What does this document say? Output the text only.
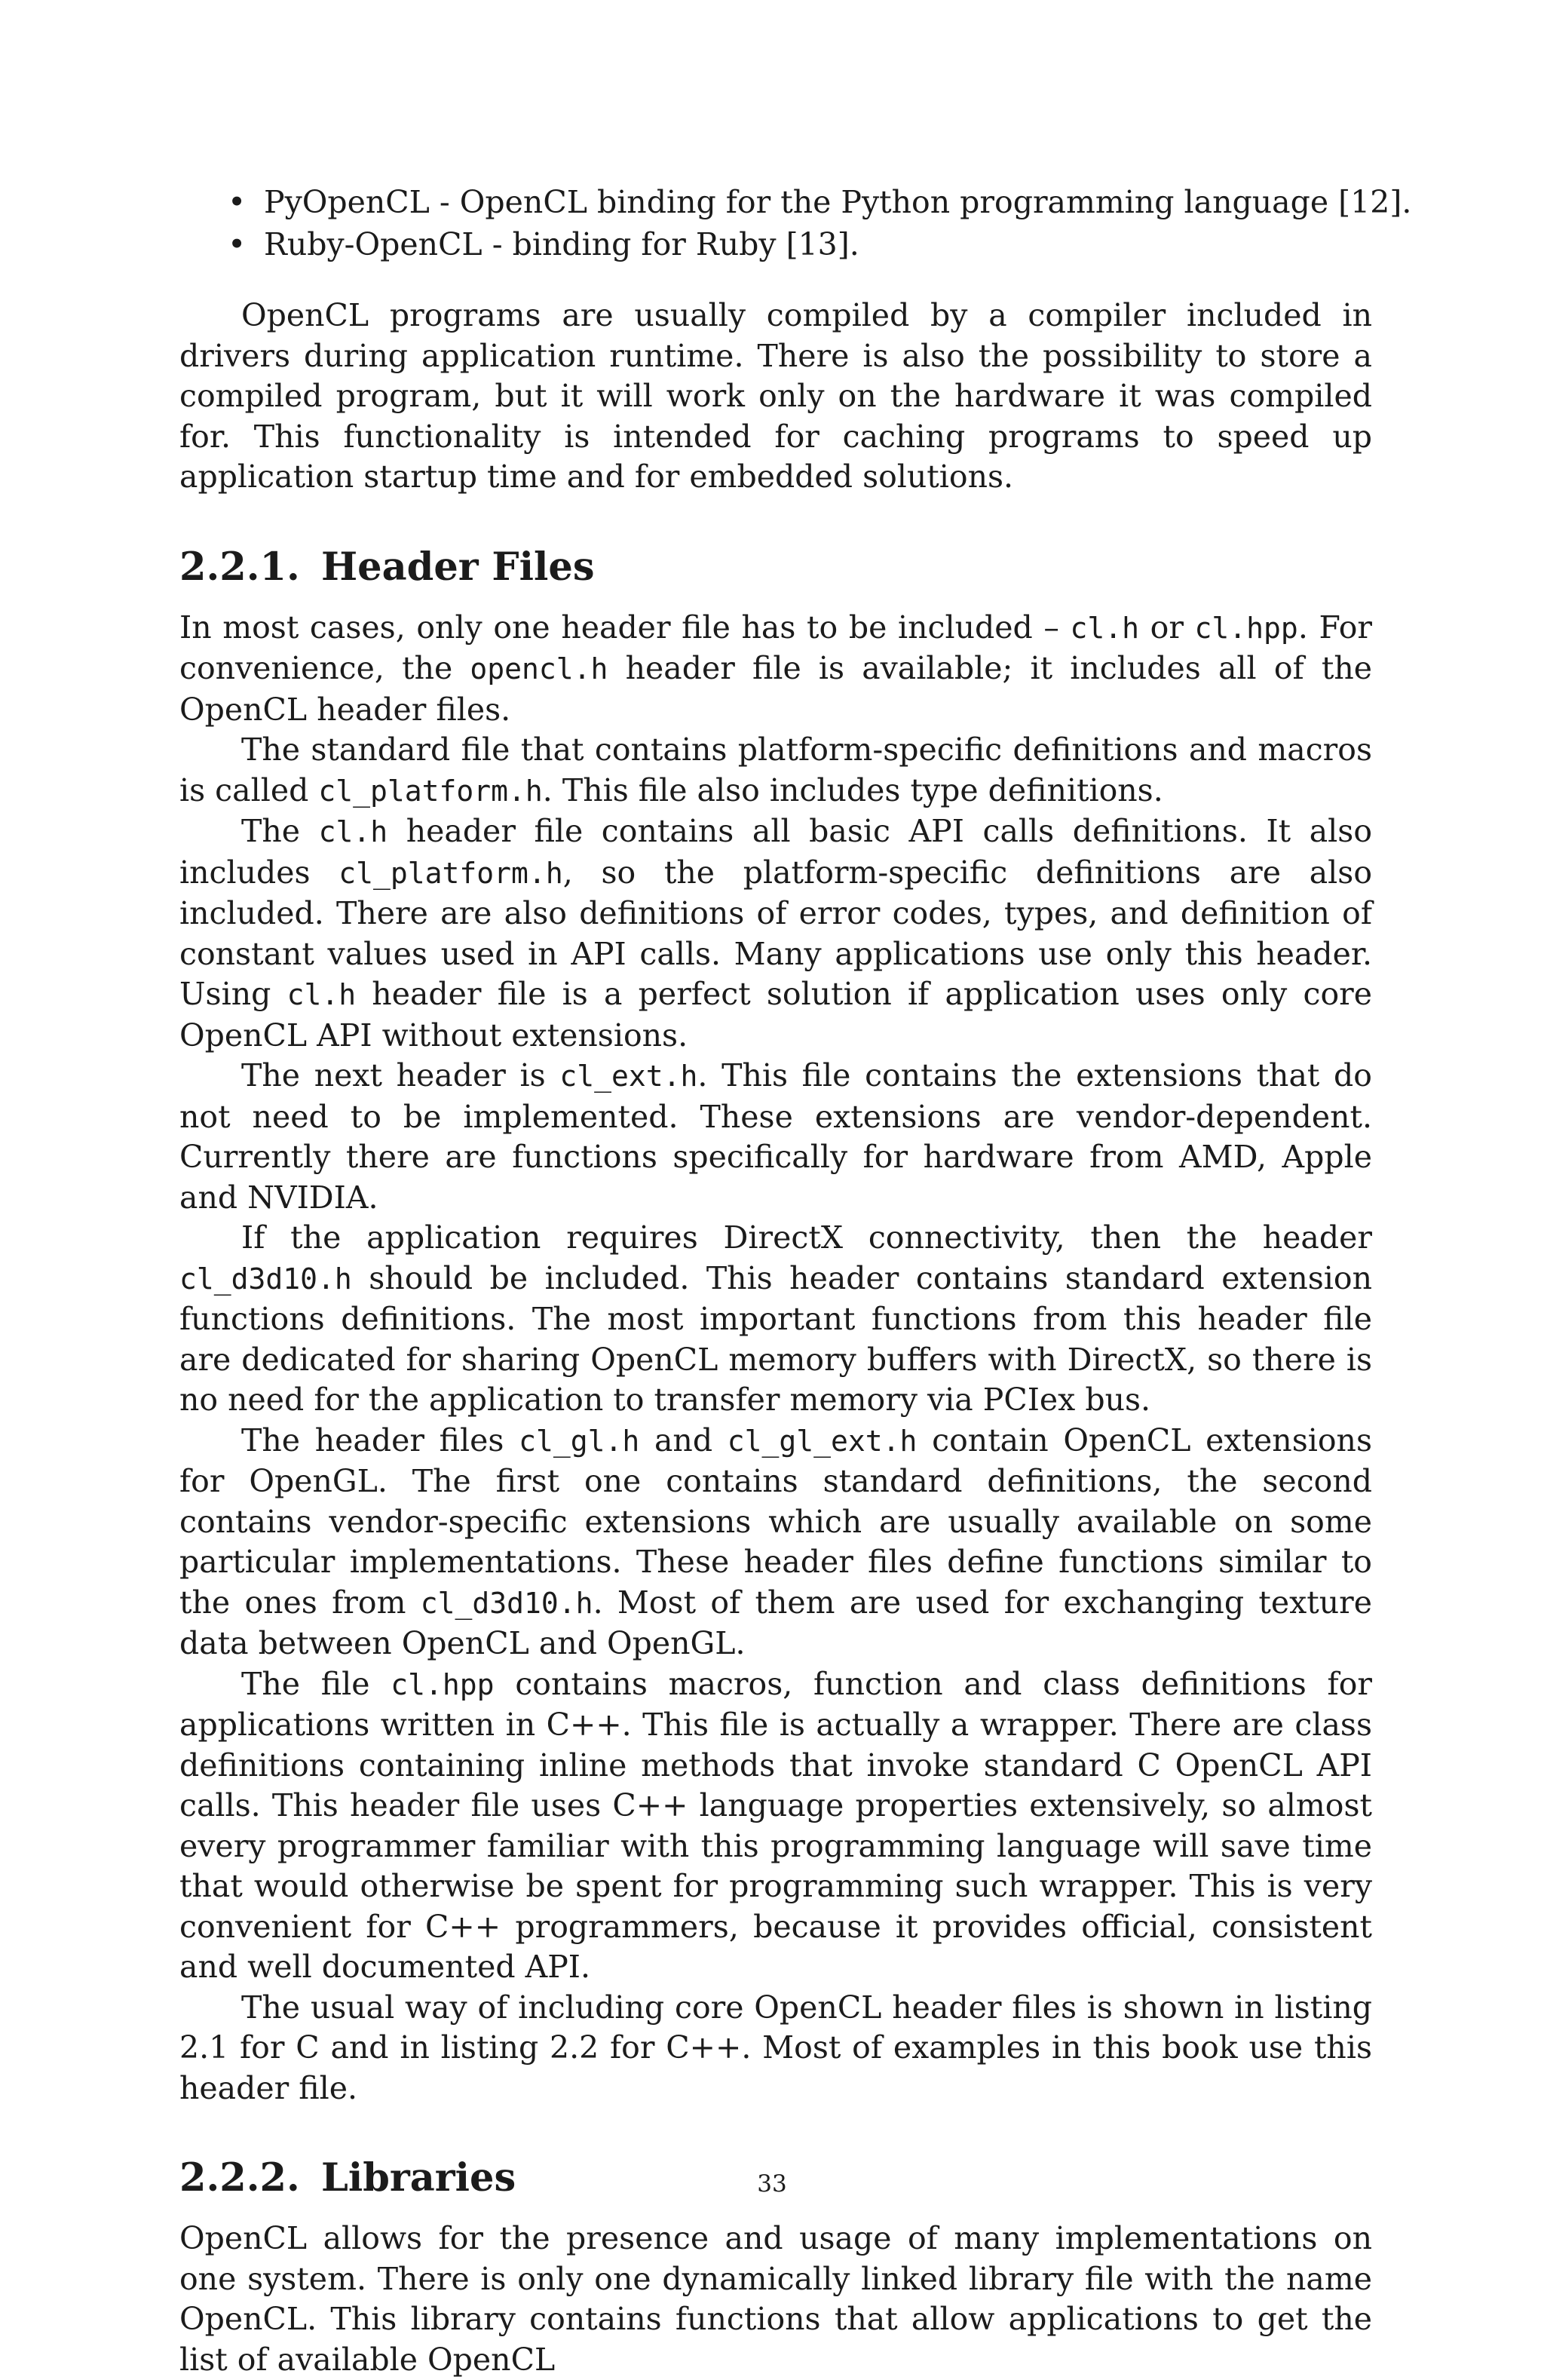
• PyOpenCL - OpenCL binding for the Python programming language [12].
• Ruby-OpenCL - binding for Ruby [13].

OpenCL programs are usually compiled by a compiler included in drivers during application runtime. There is also the possibility to store a compiled program, but it will work only on the hardware it was compiled for. This functionality is intended for caching programs to speed up application startup time and for embedded solutions.

2.2.1. Header Files

In most cases, only one header file has to be included – cl.h or cl.hpp. For convenience, the opencl.h header file is available; it includes all of the OpenCL header files.

The standard file that contains platform-specific definitions and macros is called cl_platform.h. This file also includes type definitions.

The cl.h header file contains all basic API calls definitions. It also includes cl_platform.h, so the platform-specific definitions are also included. There are also definitions of error codes, types, and definition of constant values used in API calls. Many applications use only this header. Using cl.h header file is a perfect solution if application uses only core OpenCL API without extensions.

The next header is cl_ext.h. This file contains the extensions that do not need to be implemented. These extensions are vendor-dependent. Currently there are functions specifically for hardware from AMD, Apple and NVIDIA.

If the application requires DirectX connectivity, then the header cl_d3d10.h should be included. This header contains standard extension functions definitions. The most important functions from this header file are dedicated for sharing OpenCL memory buffers with DirectX, so there is no need for the application to transfer memory via PCIex bus.

The header files cl_gl.h and cl_gl_ext.h contain OpenCL extensions for OpenGL. The first one contains standard definitions, the second contains vendor-specific extensions which are usually available on some particular implementations. These header files define functions similar to the ones from cl_d3d10.h. Most of them are used for exchanging texture data between OpenCL and OpenGL.

The file cl.hpp contains macros, function and class definitions for applications written in C++. This file is actually a wrapper. There are class definitions containing inline methods that invoke standard C OpenCL API calls. This header file uses C++ language properties extensively, so almost every programmer familiar with this programming language will save time that would otherwise be spent for programming such wrapper. This is very convenient for C++ programmers, because it provides official, consistent and well documented API.

The usual way of including core OpenCL header files is shown in listing 2.1 for C and in listing 2.2 for C++. Most of examples in this book use this header file.

2.2.2. Libraries

OpenCL allows for the presence and usage of many implementations on one system. There is only one dynamically linked library file with the name OpenCL. This library contains functions that allow applications to get the list of available OpenCL

33
